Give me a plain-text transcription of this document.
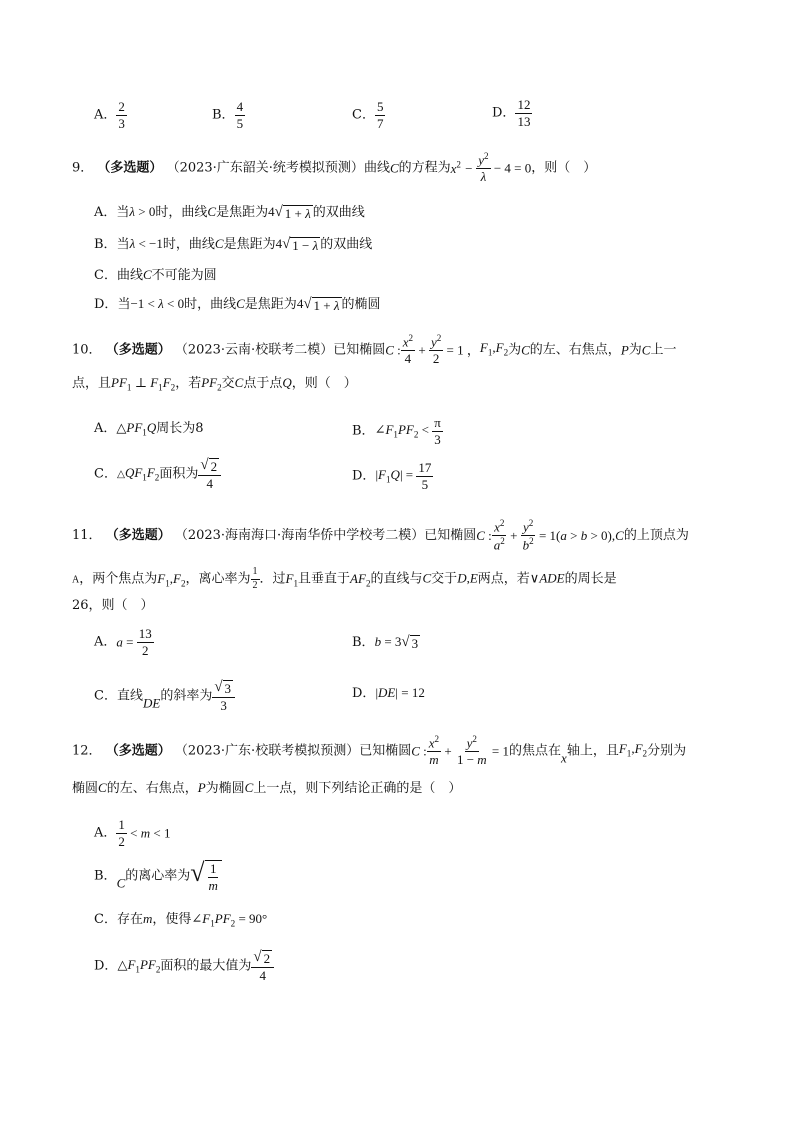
A． $\frac{2}{3}$	B． $\frac{4}{5}$	C． $\frac{5}{7}$	D． $\frac{12}{13}$
9． （多选题） （2023·广东韶关·统考模拟预测）曲线C的方程为$x^2 - \frac{y^2}{\lambda} - 4 = 0$，则（　）
A．当λ > 0时，曲线C是焦距为4 √ 1 + λ 的双曲线
B．当λ < −1时，曲线C是焦距为4 √ 1 − λ 的双曲线
C．曲线C不可能为圆
D．当−1 < λ < 0时，曲线C是焦距为4 √ 1 + λ 的椭圆
10． （多选题） （2023·云南·校联考二模）已知椭圆C : $\frac{x^2}{4} + \frac{y^2}{2} = 1$ ，$F_1,F_2$为C的左、右焦点，P为C上一
点，且$PF_1$ ⊥ $F_1F_2$，若$PF_2$交C点于点Q，则（　）
A．$\triangle PF_1Q$周长为8	B．$\angle F_1PF_2 < \frac{\pi}{3}$
C．$\triangle QF_1F_2$面积为 $\frac{√ 2}{4}$	D．$|F_1Q| = \frac{17}{5}$
11． （多选题） （2023·海南海口·海南华侨中学校考二模）已知椭圆C : $\frac{x^2}{a^2} + \frac{y^2}{b^2} = 1(a > b > 0),C$的上顶点为
A，两个焦点为$F_1,F_2$，离心率为 $\frac{1}{2}$ ．过$F_1$且垂直于$AF_2$的直线与C交于D,E两点，若∨ADE的周长是
26，则（　）
A．$a = \frac{13}{2}$	B．b = 3 √ 3
C．直线DE的斜率为 $\frac{√ 3}{3}$	D．|DE| = 12
12． （多选题） （2023·广东·校联考模拟预测）已知椭圆C : $\frac{x^2}{m} + \frac{y^2}{1 - m} = 1$的焦点在x轴上，且$F_1,F_2$分别为
椭圆C的左、右焦点，P为椭圆C上一点，则下列结论正确的是（　）
A． $\frac{1}{2} < m < 1$
B．C的离心率为 √ $\frac{1}{m}$
C．存在m，使得$\angle F_1PF_2 = 90^\circ$
D．$\triangle F_1PF_2$面积的最大值为 $\frac{√ 2}{4}$
